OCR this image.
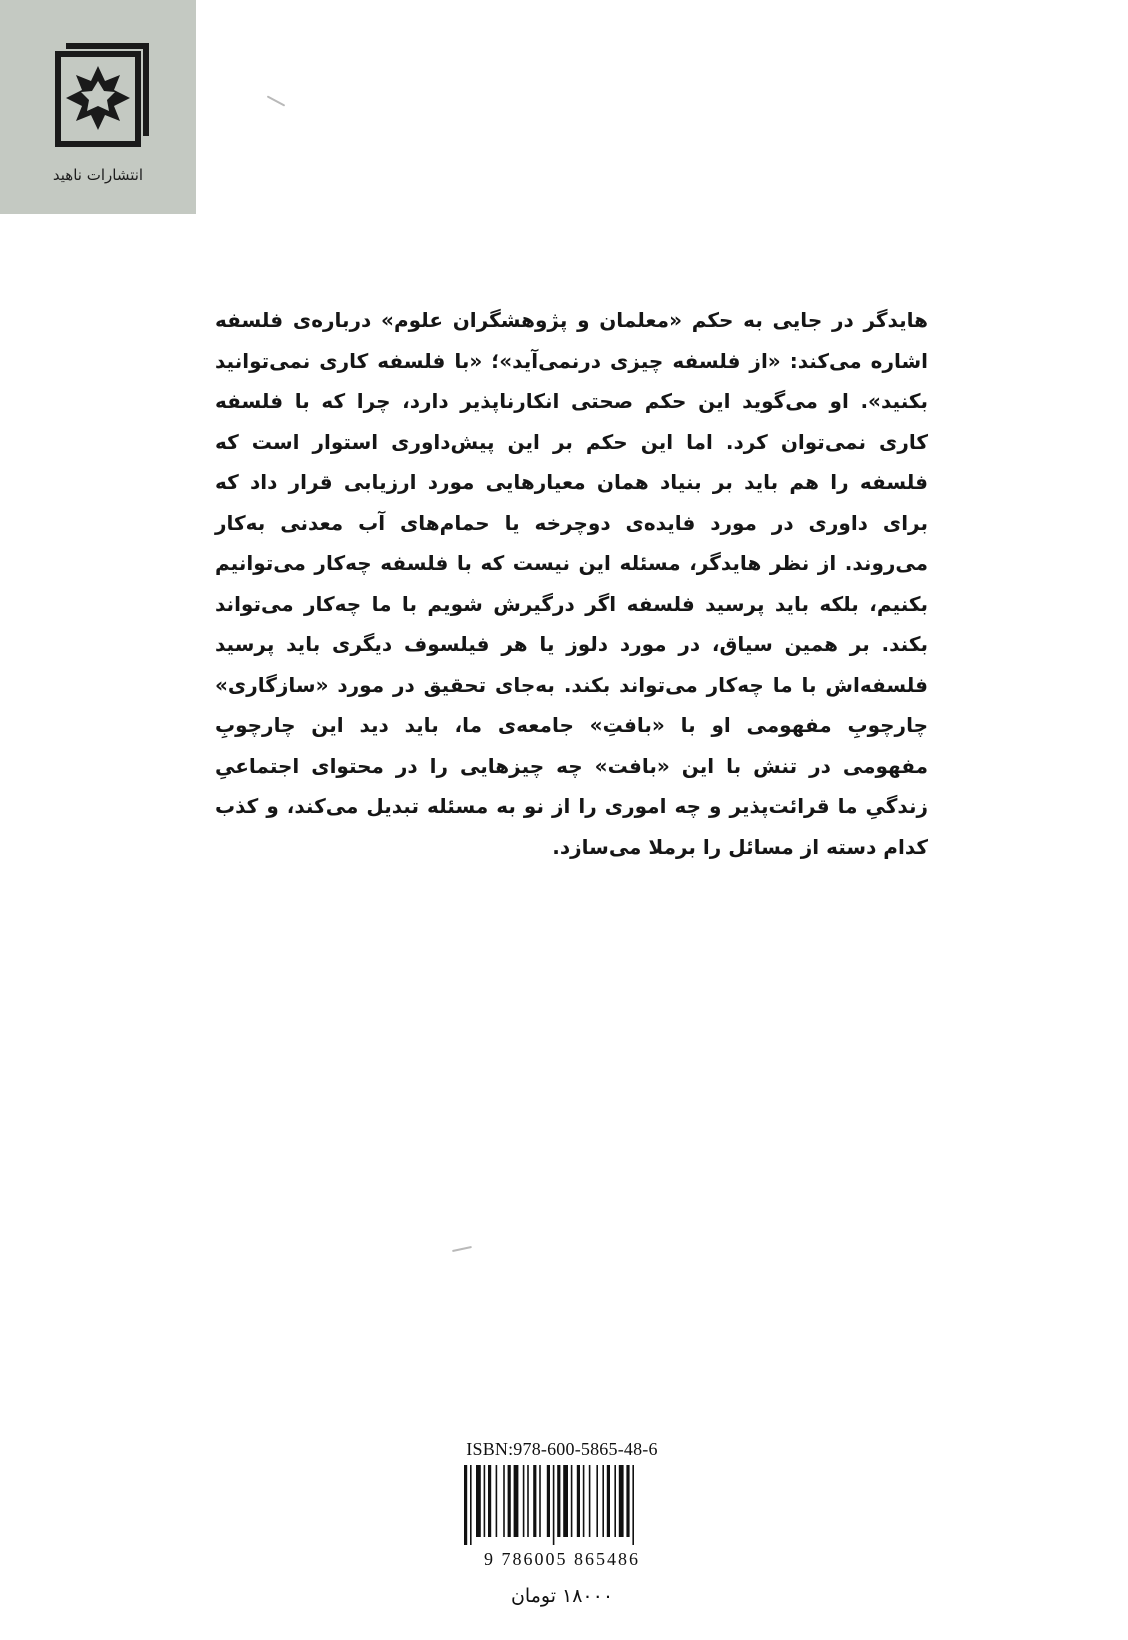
انتشارات ناهید

هایدگر در جایی به حکم «معلمان و پژوهشگران علوم» درباره‌ی فلسفه اشاره می‌کند: «از فلسفه چیزی درنمی‌آید»؛ «با فلسفه کاری نمی‌توانید بکنید». او می‌گوید این حکم صحتی انکارناپذیر دارد، چرا که با فلسفه کاری نمی‌توان کرد. اما این حکم بر این پیش‌داوری استوار است که فلسفه را هم باید بر بنیاد همان معیارهایی مورد ارزیابی قرار داد که برای داوری در مورد فایده‌ی دوچرخه یا حمام‌های آب معدنی به‌کار می‌روند. از نظر هایدگر، مسئله این نیست که با فلسفه چه‌کار می‌توانیم بکنیم، بلکه باید پرسید فلسفه اگر درگیرش شویم با ما چه‌کار می‌تواند بکند. بر همین سیاق، در مورد دلوز یا هر فیلسوف دیگری باید پرسید فلسفه‌اش با ما چه‌کار می‌تواند بکند. به‌جای تحقیق در مورد «سازگاری» چارچوبِ مفهومی او با «بافتِ» جامعه‌ی ما، باید دید این چارچوبِ مفهومی در تنش با این «بافت» چه چیزهایی را در محتوای اجتماعیِ زندگیِ ما قرائت‌پذیر و چه اموری را از نو به مسئله تبدیل می‌کند، و کذب کدام دسته از مسائل را برملا می‌سازد.

ISBN:978-600-5865-48-6
9 786005 865486
۱۸۰۰۰ تومان
